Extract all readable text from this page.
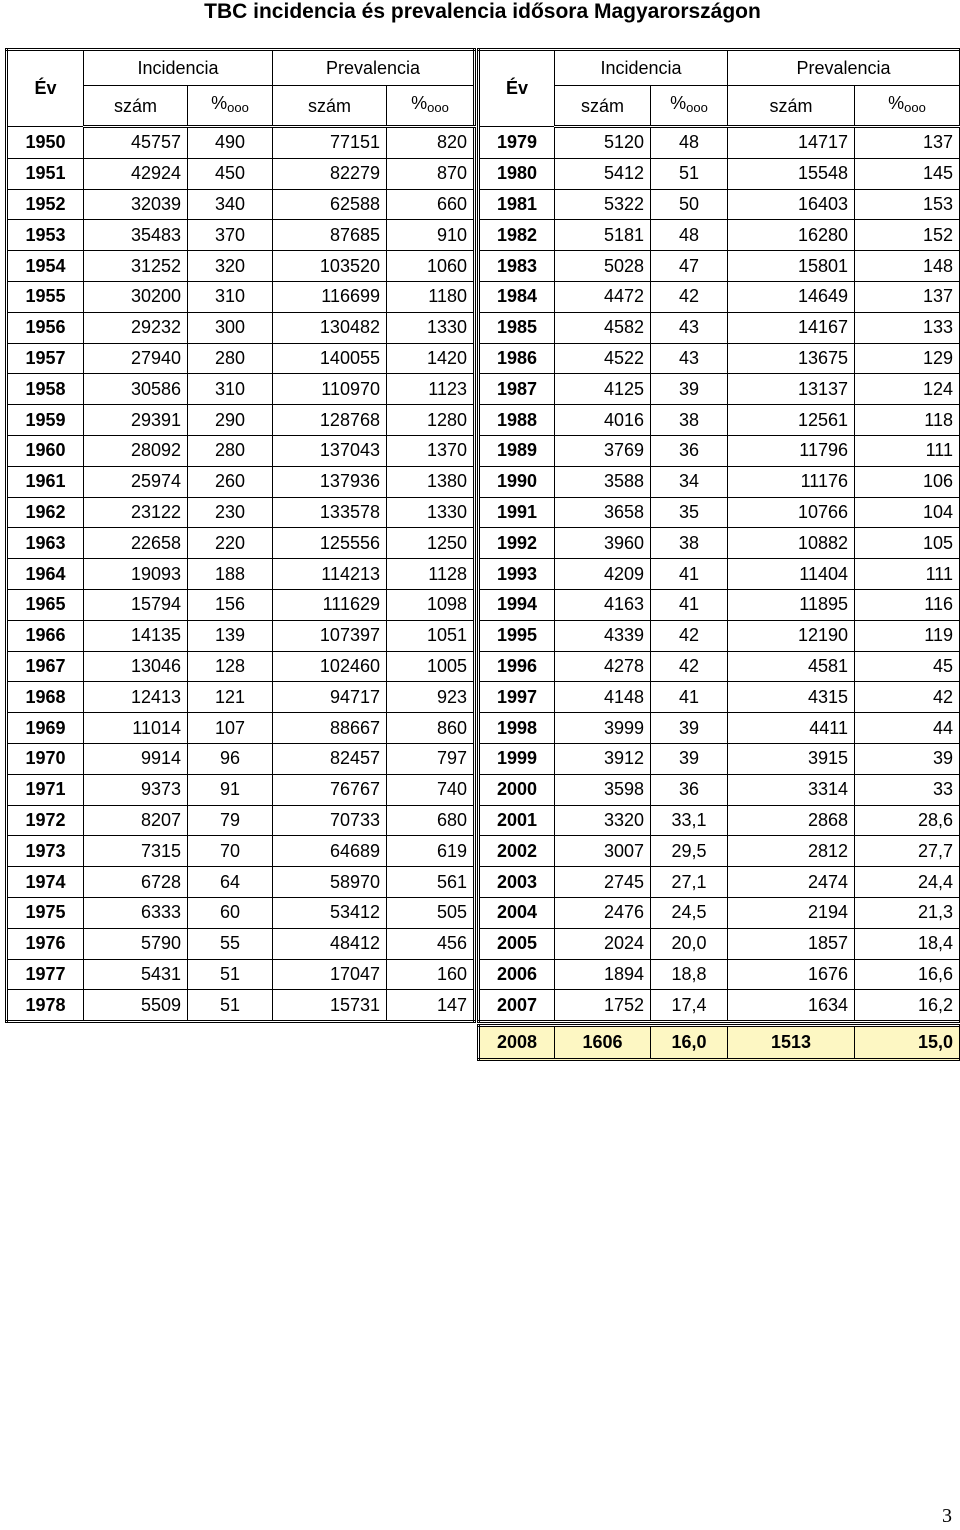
TBC incidencia és prevalencia idősora Magyarországon
Év	Incidencia		Prevalencia	
	szám	$\%_{ooo}$	szám	$\%_{ooo}$
1950	45757	490	77151	820
1951	42924	450	82279	870
1952	32039	340	62588	660
1953	35483	370	87685	910
1954	31252	320	103520	1060
1955	30200	310	116699	1180
1956	29232	300	130482	1330
1957	27940	280	140055	1420
1958	30586	310	110970	1123
1959	29391	290	128768	1280
1960	28092	280	137043	1370
1961	25974	260	137936	1380
1962	23122	230	133578	1330
1963	22658	220	125556	1250
1964	19093	188	114213	1128
1965	15794	156	111629	1098
1966	14135	139	107397	1051
1967	13046	128	102460	1005
1968	12413	121	94717	923
1969	11014	107	88667	860
1970	9914	96	82457	797
1971	9373	91	76767	740
1972	8207	79	70733	680
1973	7315	70	64689	619
1974	6728	64	58970	561
1975	6333	60	53412	505
1976	5790	55	48412	456
1977	5431	51	17047	160
1978	5509	51	15731	147
Év	Incidencia		Prevalencia	
	szám	$\%_{ooo}$	szám	$\%_{ooo}$
1979	5120	48	14717	137
1980	5412	51	15548	145
1981	5322	50	16403	153
1982	5181	48	16280	152
1983	5028	47	15801	148
1984	4472	42	14649	137
1985	4582	43	14167	133
1986	4522	43	13675	129
1987	4125	39	13137	124
1988	4016	38	12561	118
1989	3769	36	11796	111
1990	3588	34	11176	106
1991	3658	35	10766	104
1992	3960	38	10882	105
1993	4209	41	11404	111
1994	4163	41	11895	116
1995	4339	42	12190	119
1996	4278	42	4581	45
1997	4148	41	4315	42
1998	3999	39	4411	44
1999	3912	39	3915	39
2000	3598	36	3314	33
2001	3320	33,1	2868	28,6
2002	3007	29,5	2812	27,7
2003	2745	27,1	2474	24,4
2004	2476	24,5	2194	21,3
2005	2024	20,0	1857	18,4
2006	1894	18,8	1676	16,6
2007	1752	17,4	1634	16,2
2008	1606	16,0	1513	15,0
3
